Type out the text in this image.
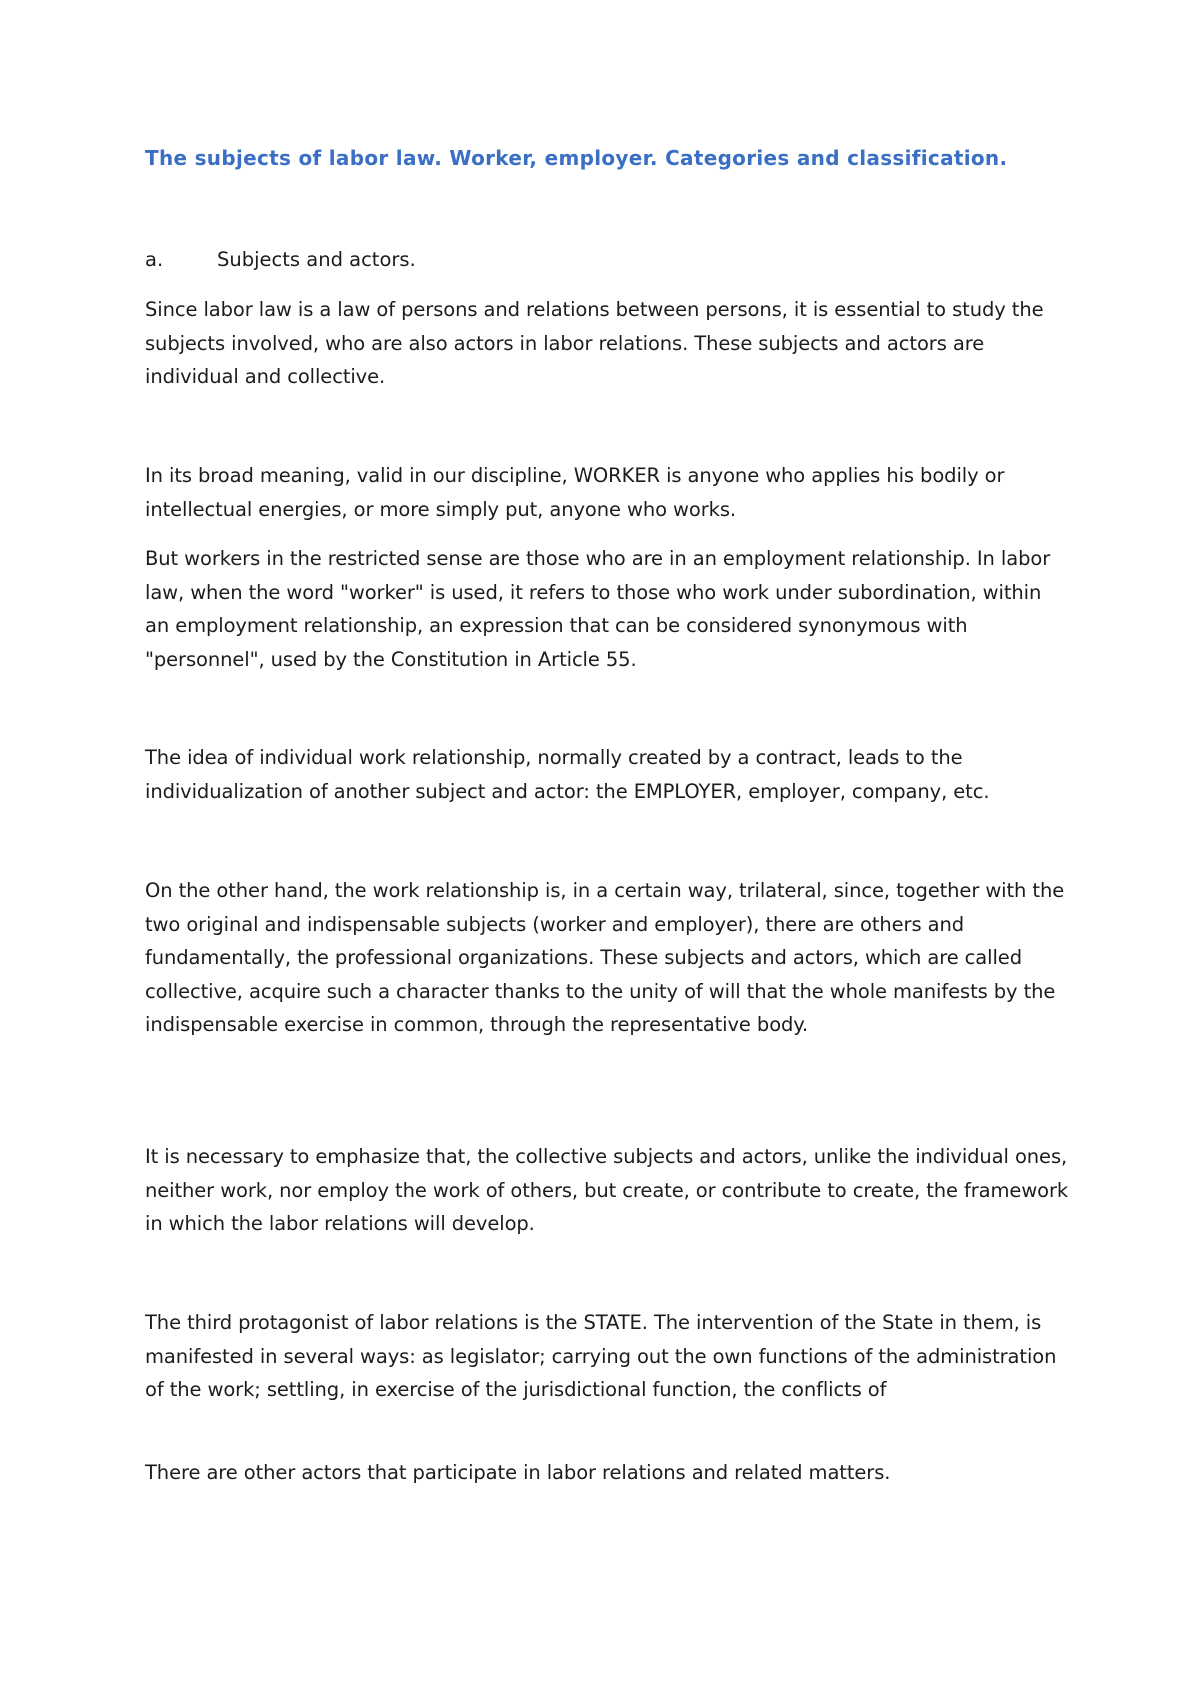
The subjects of labor law. Worker, employer. Categories and classification.
a.	Subjects and actors.

Since labor law is a law of persons and relations between persons, it is essential to study the subjects involved, who are also actors in labor relations. These subjects and actors are individual and collective.

In its broad meaning, valid in our discipline, WORKER is anyone who applies his bodily or intellectual energies, or more simply put, anyone who works.

But workers in the restricted sense are those who are in an employment relationship. In labor law, when the word "worker" is used, it refers to those who work under subordination, within an employment relationship, an expression that can be considered synonymous with "personnel", used by the Constitution in Article 55.

The idea of individual work relationship, normally created by a contract, leads to the individualization of another subject and actor: the EMPLOYER, employer, company, etc.

On the other hand, the work relationship is, in a certain way, trilateral, since, together with the two original and indispensable subjects (worker and employer), there are others and fundamentally, the professional organizations. These subjects and actors, which are called collective, acquire such a character thanks to the unity of will that the whole manifests by the indispensable exercise in common, through the representative body.

It is necessary to emphasize that, the collective subjects and actors, unlike the individual ones, neither work, nor employ the work of others, but create, or contribute to create, the framework in which the labor relations will develop.

The third protagonist of labor relations is the STATE. The intervention of the State in them, is manifested in several ways: as legislator; carrying out the own functions of the administration of the work; settling, in exercise of the jurisdictional function, the conflicts of

There are other actors that participate in labor relations and related matters.
